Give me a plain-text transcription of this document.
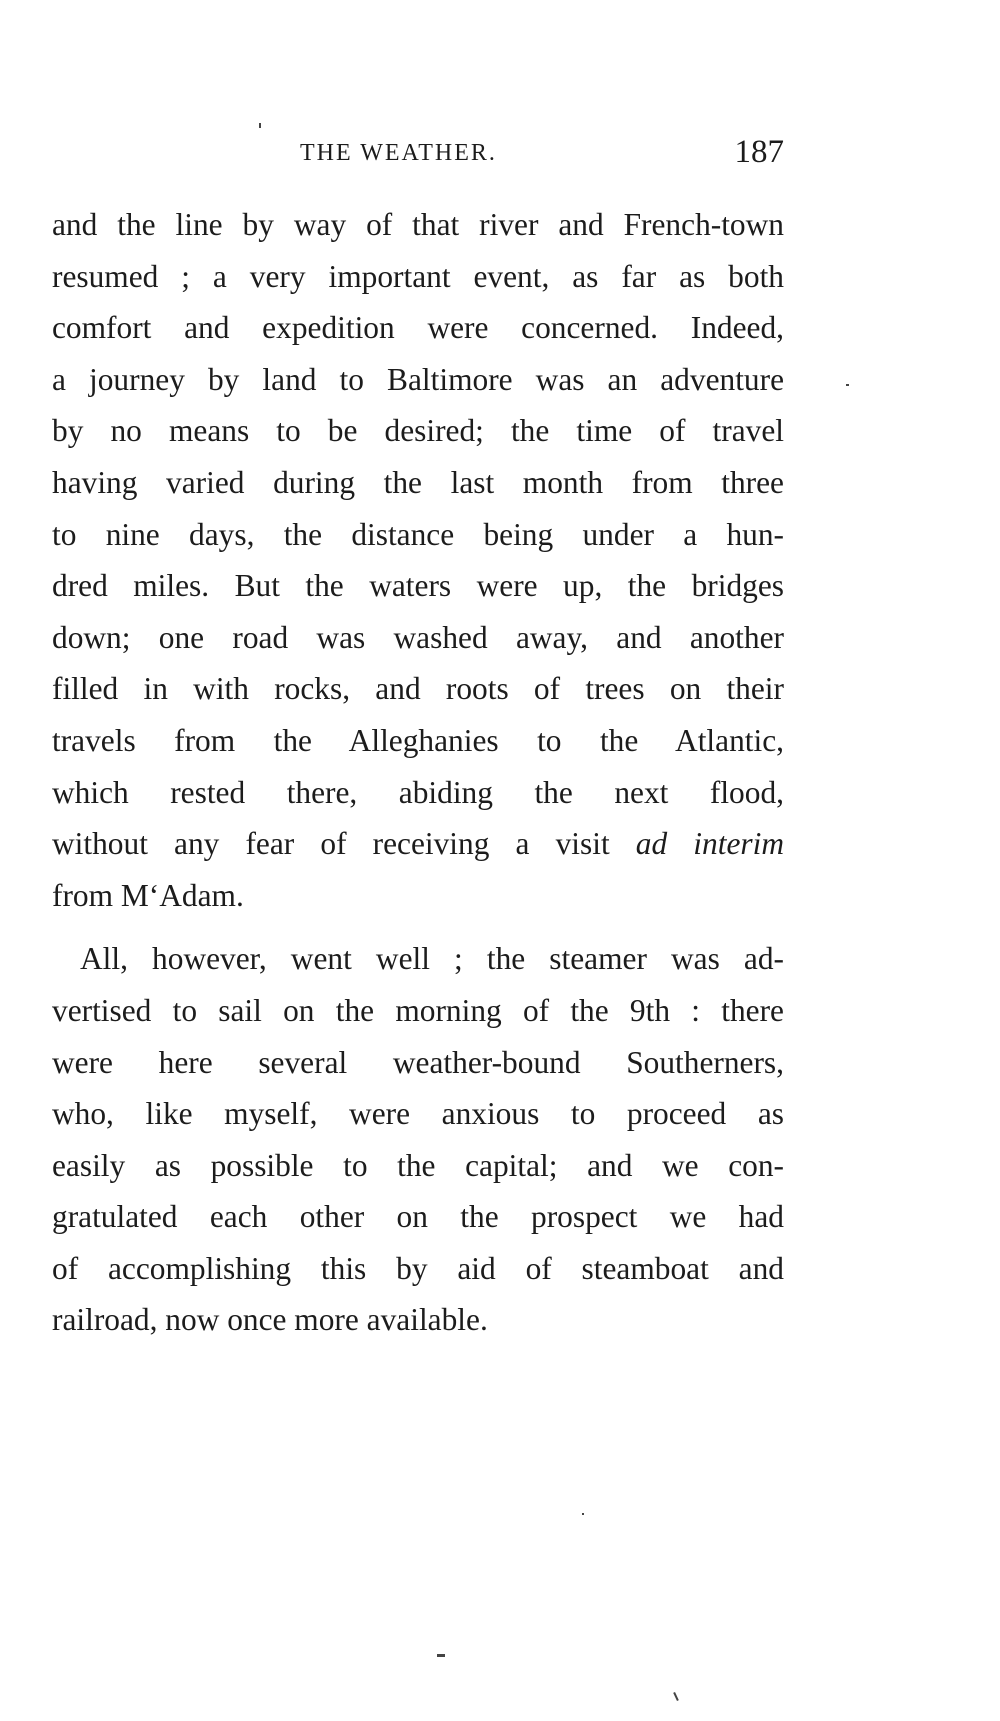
THE WEATHER.	187
and the line by way of that river and French-town
resumed ; a very important event, as far as both
comfort and expedition were concerned. Indeed,
a journey by land to Baltimore was an adventure
by no means to be desired; the time of travel
having varied during the last month from three
to nine days, the distance being under a hun-
dred miles. But the waters were up, the bridges
down; one road was washed away, and another
filled in with rocks, and roots of trees on their
travels from the Alleghanies to the Atlantic,
which rested there, abiding the next flood,
without any fear of receiving a visit ad interim
from M‘Adam.
All, however, went well ; the steamer was ad-
vertised to sail on the morning of the 9th : there
were here several weather-bound Southerners,
who, like myself, were anxious to proceed as
easily as possible to the capital; and we con-
gratulated each other on the prospect we had
of accomplishing this by aid of steamboat and
railroad, now once more available.
